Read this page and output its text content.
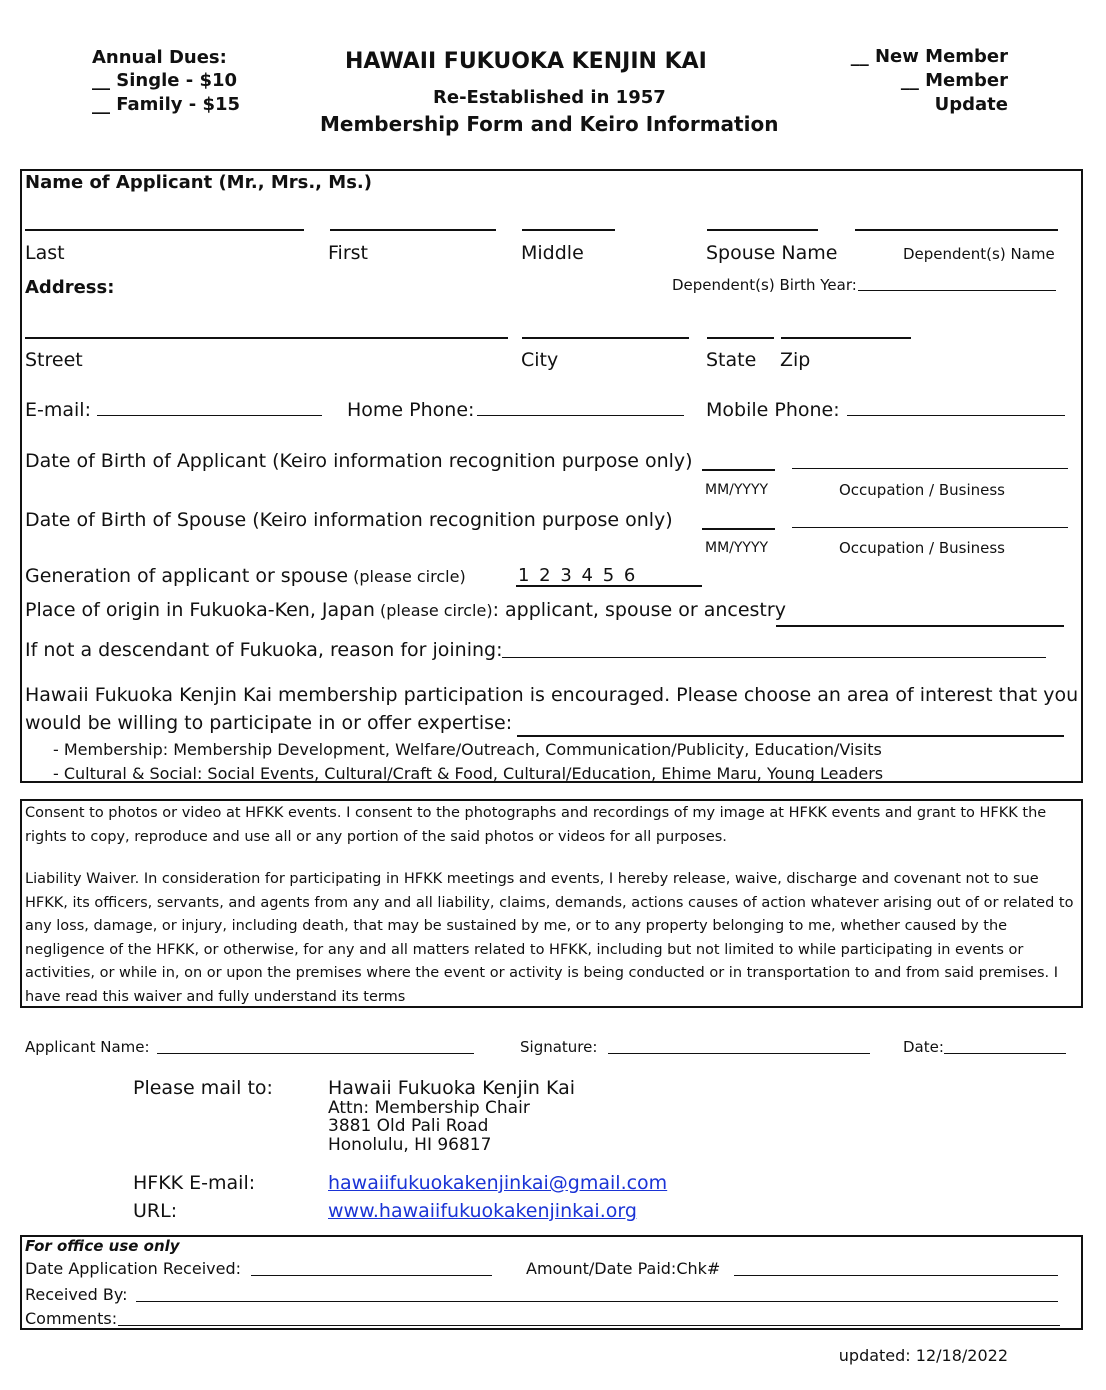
Annual Dues:
__ Single - $10
__ Family - $15
HAWAII FUKUOKA KENJIN KAI
Re-Established in 1957
Membership Form and Keiro Information
__ New Member
__ Member
Update
Name of Applicant (Mr., Mrs., Ms.)
Last	First	Middle	Spouse Name	Dependent(s) Name
Address:	Dependent(s) Birth Year:
Street	City	State Zip
E-mail:	Home Phone:	Mobile Phone:
Date of Birth of Applicant (Keiro information recognition purpose only)
MM/YYYY	Occupation / Business
Date of Birth of Spouse (Keiro information recognition purpose only)
MM/YYYY	Occupation / Business
Generation of applicant or spouse (please circle)	1 2 3 4 5 6
Place of origin in Fukuoka-Ken, Japan (please circle): applicant, spouse or ancestry
If not a descendant of Fukuoka, reason for joining:
Hawaii Fukuoka Kenjin Kai membership participation is encouraged. Please choose an area of interest that you
would be willing to participate in or offer expertise:
- Membership: Membership Development, Welfare/Outreach, Communication/Publicity, Education/Visits
- Cultural & Social: Social Events, Cultural/Craft & Food, Cultural/Education, Ehime Maru, Young Leaders
Consent to photos or video at HFKK events. I consent to the photographs and recordings of my image at HFKK events and grant to HFKK the rights to copy, reproduce and use all or any portion of the said photos or videos for all purposes.
Liability Waiver. In consideration for participating in HFKK meetings and events, I hereby release, waive, discharge and covenant not to sue HFKK, its officers, servants, and agents from any and all liability, claims, demands, actions causes of action whatever arising out of or related to any loss, damage, or injury, including death, that may be sustained by me, or to any property belonging to me, whether caused by the negligence of the HFKK, or otherwise, for any and all matters related to HFKK, including but not limited to while participating in events or activities, or while in, on or upon the premises where the event or activity is being conducted or in transportation to and from said premises. I have read this waiver and fully understand its terms
Applicant Name:	Signature:	Date:
Please mail to:	Hawaii Fukuoka Kenjin Kai
Attn: Membership Chair
3881 Old Pali Road
Honolulu, HI 96817
HFKK E-mail:	hawaiifukuokakenjinkai@gmail.com
URL:	www.hawaiifukuokakenjinkai.org
For office use only
Date Application Received:	Amount/Date Paid:Chk#
Received By:
Comments:
updated: 12/18/2022
